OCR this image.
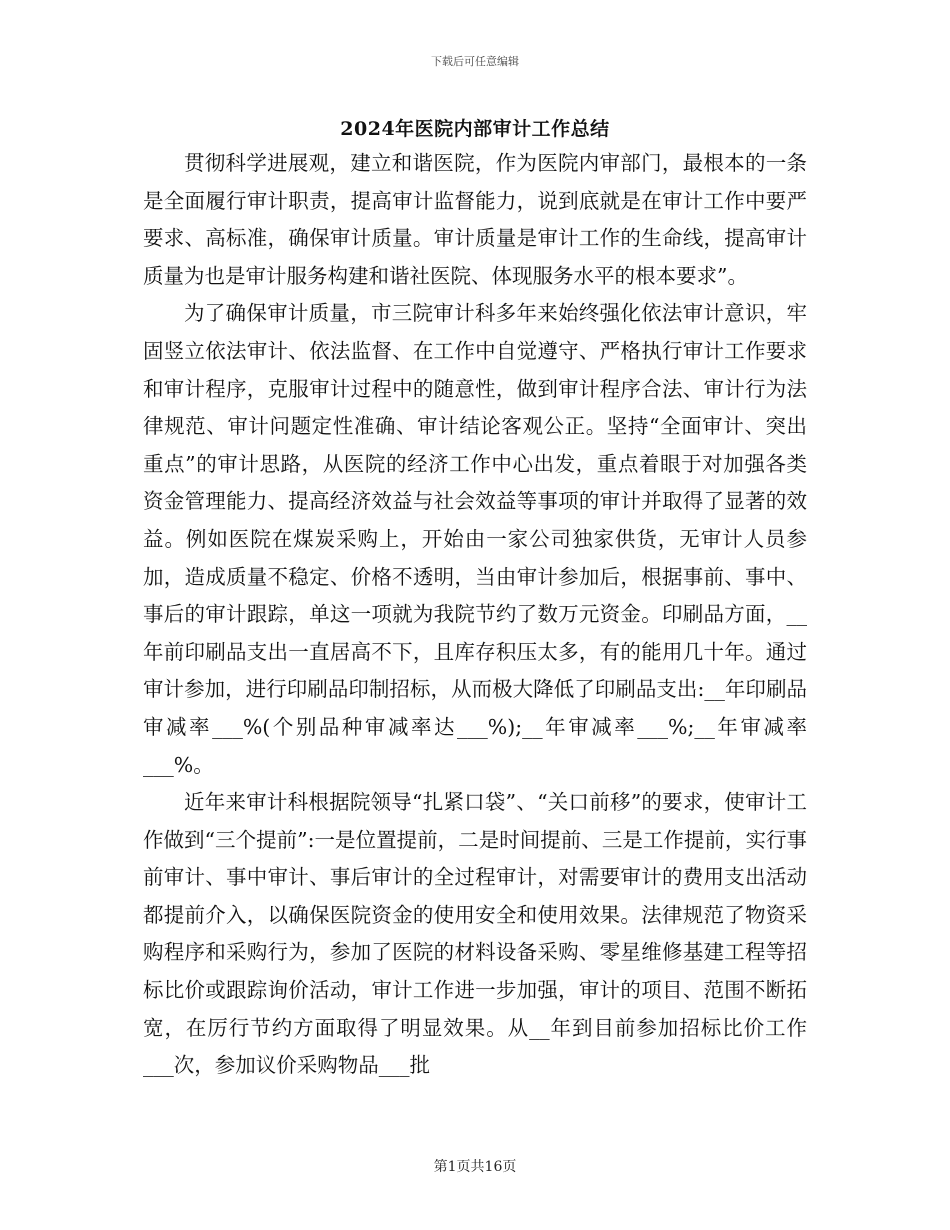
下载后可任意编辑
2024年医院内部审计工作总结

贯彻科学进展观，建立和谐医院，作为医院内审部门，最根本的一条是全面履行审计职责，提高审计监督能力，说到底就是在审计工作中要严要求、高标准，确保审计质量。审计质量是审计工作的生命线，提高审计质量为也是审计服务构建和谐社医院、体现服务水平的根本要求”。

为了确保审计质量，市三院审计科多年来始终强化依法审计意识，牢固竖立依法审计、依法监督、在工作中自觉遵守、严格执行审计工作要求和审计程序，克服审计过程中的随意性，做到审计程序合法、审计行为法律规范、审计问题定性准确、审计结论客观公正。坚持“全面审计、突出重点”的审计思路，从医院的经济工作中心出发，重点着眼于对加强各类资金管理能力、提高经济效益与社会效益等事项的审计并取得了显著的效益。例如医院在煤炭采购上，开始由一家公司独家供货，无审计人员参加，造成质量不稳定、价格不透明，当由审计参加后，根据事前、事中、事后的审计跟踪，单这一项就为我院节约了数万元资金。印刷品方面，__年前印刷品支出一直居高不下，且库存积压太多，有的能用几十年。通过审计参加，进行印刷品印制招标，从而极大降低了印刷品支出:__年印刷品审减率___%(个别品种审减率达___%);__年审减率___%;__年审减率___%。

近年来审计科根据院领导“扎紧口袋”、“关口前移”的要求，使审计工作做到“三个提前”:一是位置提前，二是时间提前、三是工作提前，实行事前审计、事中审计、事后审计的全过程审计，对需要审计的费用支出活动都提前介入，以确保医院资金的使用安全和使用效果。法律规范了物资采购程序和采购行为，参加了医院的材料设备采购、零星维修基建工程等招标比价或跟踪询价活动，审计工作进一步加强，审计的项目、范围不断拓宽，在厉行节约方面取得了明显效果。从__年到目前参加招标比价工作___次，参加议价采购物品___批

第1页共16页
